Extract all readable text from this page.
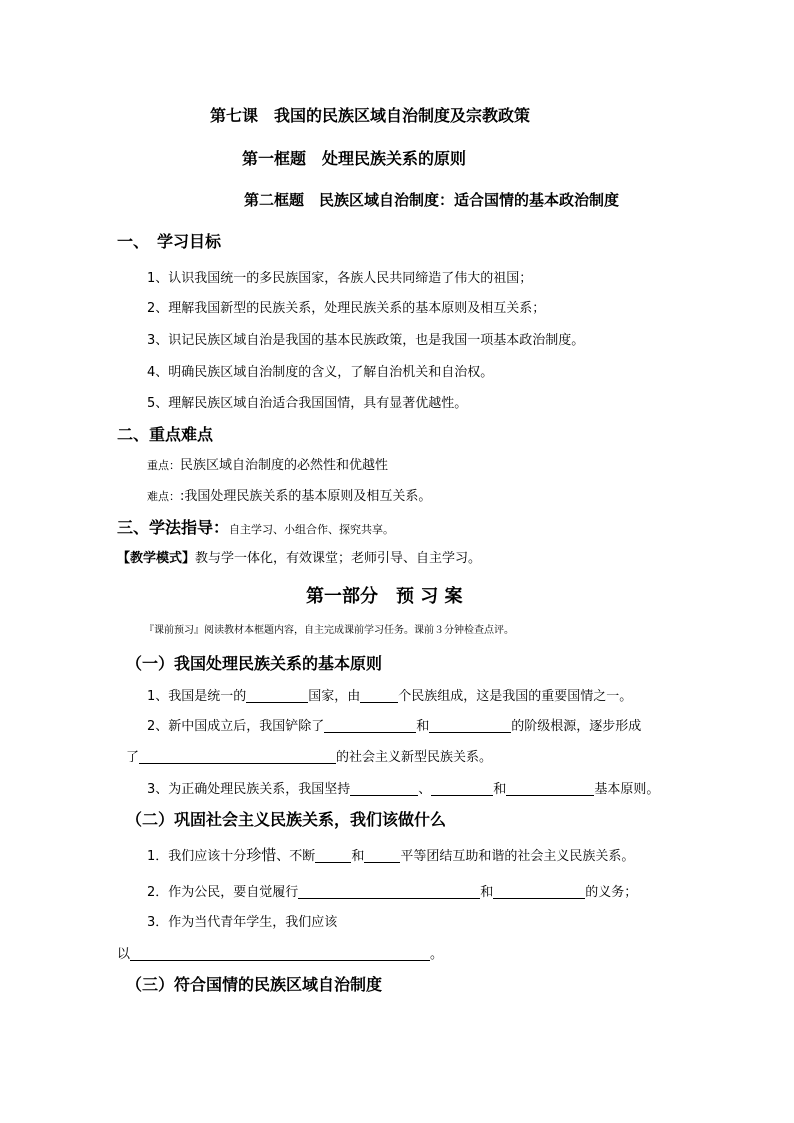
第七课　我国的民族区域自治制度及宗教政策
第一框题　处理民族关系的原则
第二框题　民族区域自治制度：适合国情的基本政治制度
一、　学习目标
1、认识我国统一的多民族国家，各族人民共同缔造了伟大的祖国；
2、理解我国新型的民族关系，处理民族关系的基本原则及相互关系；
3、识记民族区域自治是我国的基本民族政策，也是我国一项基本政治制度。
4、明确民族区域自治制度的含义，了解自治机关和自治权。
5、理解民族区域自治适合我国国情，具有显著优越性。
二、重点难点
重点：民族区域自治制度的必然性和优越性
难点：:我国处理民族关系的基本原则及相互关系。
三、学法指导：自主学习、小组合作、探究共享。
【教学模式】教与学一体化，有效课堂；老师引导、自主学习。
第一部分　预 习 案
『课前预习』阅读教材本框题内容，自主完成课前学习任务。课前３分钟检查点评。
（一）我国处理民族关系的基本原则
1、我国是统一的	国家，由	个民族组成，这是我国的重要国情之一。
2、新中国成立后，我国铲除了	和	的阶级根源，逐步形成
了	的社会主义新型民族关系。
3、为正确处理民族关系，我国坚持	、	和	基本原则。
（二）巩固社会主义民族关系，我们该做什么
1．我们应该十分珍惜、不断	和	平等团结互助和谐的社会主义民族关系。
2．作为公民，要自觉履行	和	的义务；
3．作为当代青年学生，我们应该
以	。
（三）符合国情的民族区域自治制度
